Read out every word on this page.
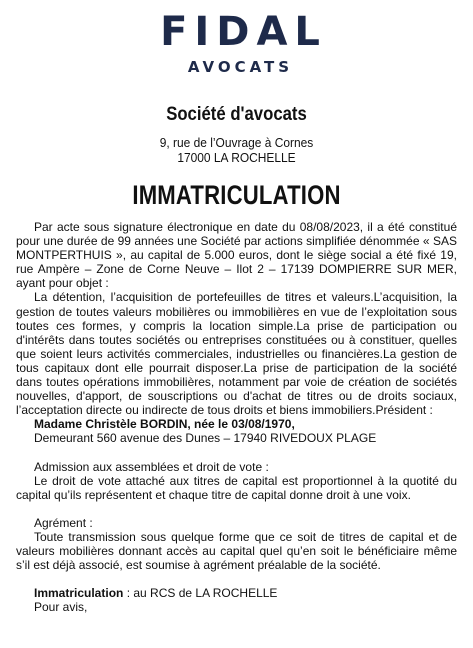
FIDAL
AVOCATS
Société d'avocats
9, rue de l’Ouvrage à Cornes
17000 LA ROCHELLE
IMMATRICULATION

Par acte sous signature électronique en date du 08/08/2023, il a été constitué pour une durée de 99 années une Société par actions simplifiée dénommée « SAS MONTPERTHUIS », au capital de 5.000 euros, dont le siège social a été fixé 19, rue Ampère – Zone de Corne Neuve – Ilot 2 – 17139 DOMPIERRE SUR MER, ayant pour objet :

La détention, l’acquisition de portefeuilles de titres et valeurs.L’acquisition, la gestion de toutes valeurs mobilières ou immobilières en vue de l’exploitation sous toutes ces formes, y compris la location simple.La prise de participation ou d'intérêts dans toutes sociétés ou entreprises constituées ou à constituer, quelles que soient leurs activités commerciales, industrielles ou financières.La gestion de tous capitaux dont elle pourrait disposer.La prise de participation de la société dans toutes opérations immobilières, notamment par voie de création de sociétés nouvelles, d'apport, de souscriptions ou d'achat de titres ou de droits sociaux, l’acceptation directe ou indirecte de tous droits et biens immobiliers.Président :

Madame Christèle BORDIN, née le 03/08/1970,

Demeurant 560 avenue des Dunes – 17940 RIVEDOUX PLAGE

Admission aux assemblées et droit de vote :

Le droit de vote attaché aux titres de capital est proportionnel à la quotité du capital qu’ils représentent et chaque titre de capital donne droit à une voix.

Agrément :

Toute transmission sous quelque forme que ce soit de titres de capital et de valeurs mobilières donnant accès au capital quel qu’en soit le bénéficiaire même s’il est déjà associé, est soumise à agrément préalable de la société.

Immatriculation : au RCS de LA ROCHELLE

Pour avis,
